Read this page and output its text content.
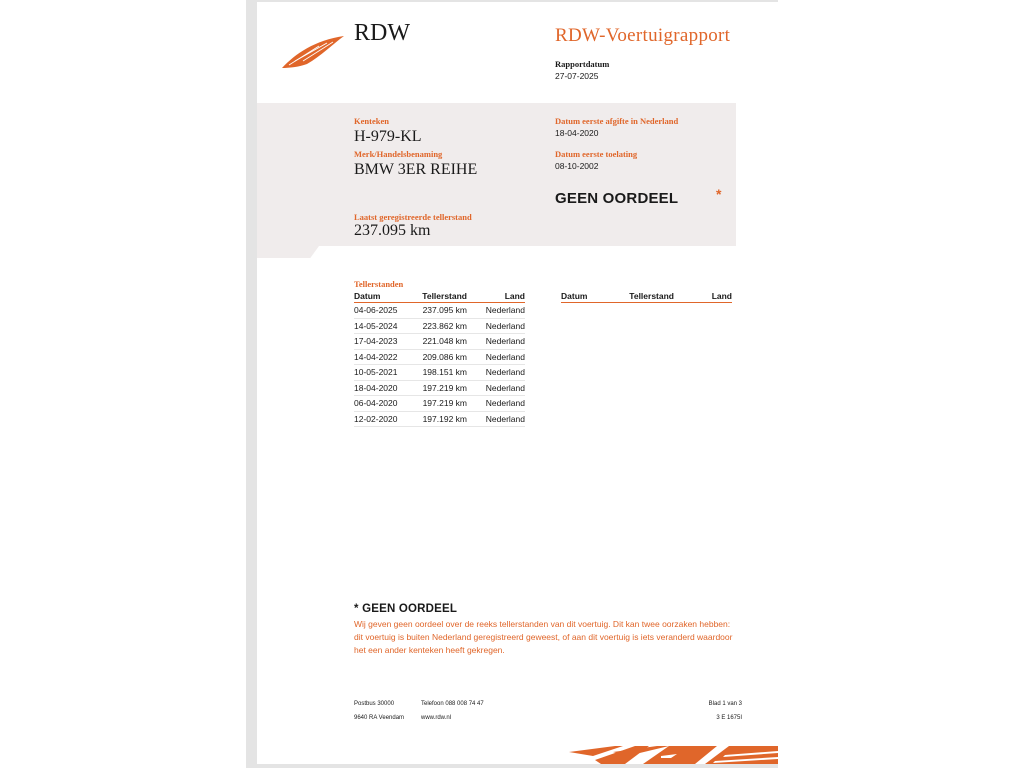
RDW	RDW-Voertuigrapport
Rapportdatum
27-07-2025
Kenteken
H-979-KL
Merk/Handelsbenaming
BMW 3ER REIHE
Laatst geregistreerde tellerstand
237.095 km
Datum eerste afgifte in Nederland
18-04-2020
Datum eerste toelating
08-10-2002
GEEN OORDEEL	*
Tellerstanden
Datum	Tellerstand	Land
04-06-2025	237.095 km	Nederland
14-05-2024	223.862 km	Nederland
17-04-2023	221.048 km	Nederland
14-04-2022	209.086 km	Nederland
10-05-2021	198.151 km	Nederland
18-04-2020	197.219 km	Nederland
06-04-2020	197.219 km	Nederland
12-02-2020	197.192 km	Nederland
Datum	Tellerstand	Land
* GEEN OORDEEL
Wij geven geen oordeel over de reeks tellerstanden van dit voertuig. Dit kan twee oorzaken hebben: dit voertuig is buiten Nederland geregistreerd geweest, of aan dit voertuig is iets veranderd waardoor het een ander kenteken heeft gekregen.
Postbus 30000
9640 RA Veendam
Telefoon 088 008 74 47
www.rdw.nl
Blad 1 van 3
3 E 1675I
